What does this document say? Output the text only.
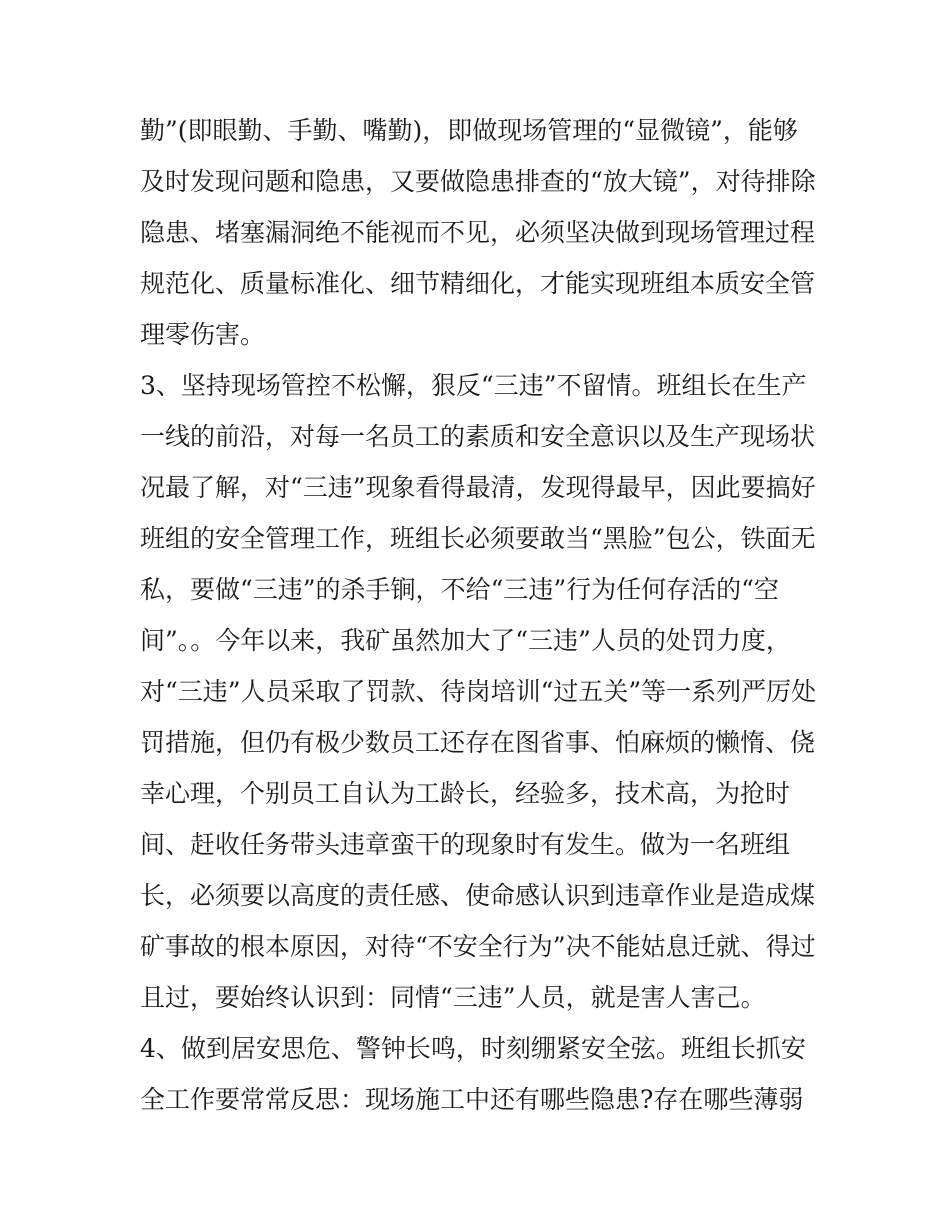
勤”(即眼勤、手勤、嘴勤)，即做现场管理的“显微镜”，能够
及时发现问题和隐患，又要做隐患排查的“放大镜”，对待排除
隐患、堵塞漏洞绝不能视而不见，必须坚决做到现场管理过程
规范化、质量标准化、细节精细化，才能实现班组本质安全管
理零伤害。
3、坚持现场管控不松懈，狠反“三违”不留情。班组长在生产
一线的前沿，对每一名员工的素质和安全意识以及生产现场状
况最了解，对“三违”现象看得最清，发现得最早，因此要搞好
班组的安全管理工作，班组长必须要敢当“黑脸”包公，铁面无
私，要做“三违”的杀手锏，不给“三违”行为任何存活的“空
间”。。今年以来，我矿虽然加大了“三违”人员的处罚力度，
对“三违”人员采取了罚款、待岗培训“过五关”等一系列严厉处
罚措施，但仍有极少数员工还存在图省事、怕麻烦的懒惰、侥
幸心理，个别员工自认为工龄长，经验多，技术高，为抢时
间、赶收任务带头违章蛮干的现象时有发生。做为一名班组
长，必须要以高度的责任感、使命感认识到违章作业是造成煤
矿事故的根本原因，对待“不安全行为”决不能姑息迁就、得过
且过，要始终认识到：同情“三违”人员，就是害人害己。
4、做到居安思危、警钟长鸣，时刻绷紧安全弦。班组长抓安
全工作要常常反思：现场施工中还有哪些隐患?存在哪些薄弱
